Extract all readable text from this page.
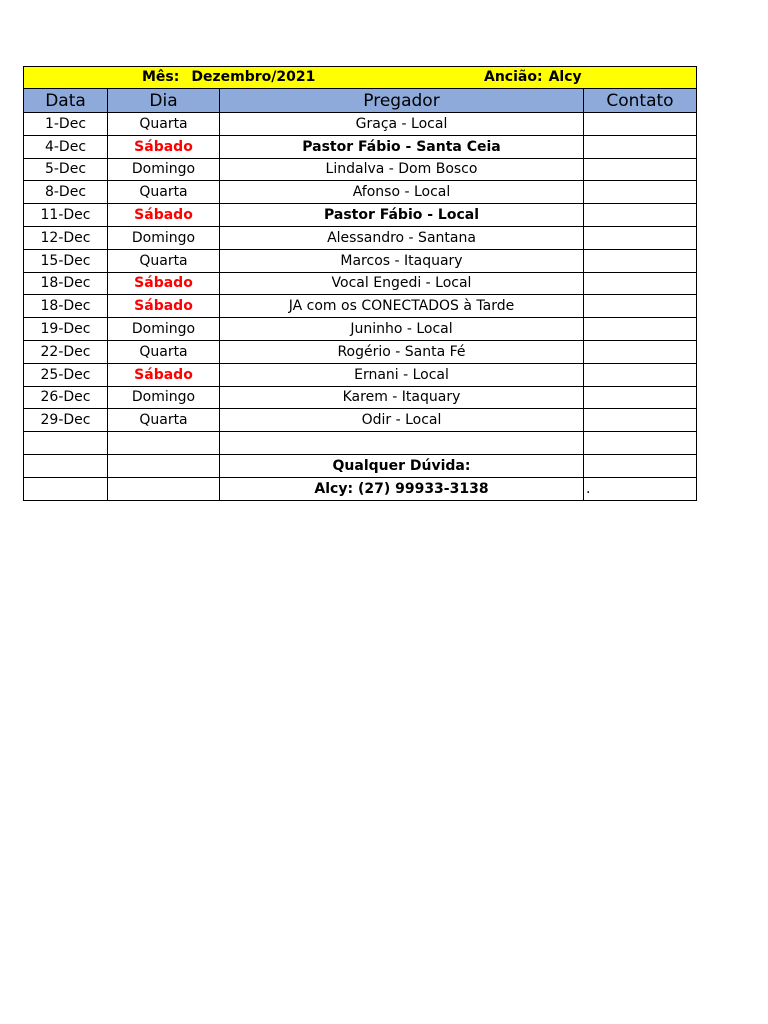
Mês: Dezembro/2021 Ancião: Alcy			

Data	Dia	Pregador	Contato
1-Dec	Quarta	Graça - Local	
4-Dec	Sábado	Pastor Fábio - Santa Ceia	
5-Dec	Domingo	Lindalva - Dom Bosco	
8-Dec	Quarta	Afonso - Local	
11-Dec	Sábado	Pastor Fábio - Local	
12-Dec	Domingo	Alessandro - Santana	
15-Dec	Quarta	Marcos - Itaquary	
18-Dec	Sábado	Vocal Engedi - Local	
18-Dec	Sábado	JA com os CONECTADOS à Tarde	
19-Dec	Domingo	Juninho - Local	
22-Dec	Quarta	Rogério - Santa Fé	
25-Dec	Sábado	Ernani - Local	
26-Dec	Domingo	Karem - Itaquary	
29-Dec	Quarta	Odir - Local	

		Qualquer Dúvida:	
		Alcy: (27) 99933-3138	.
